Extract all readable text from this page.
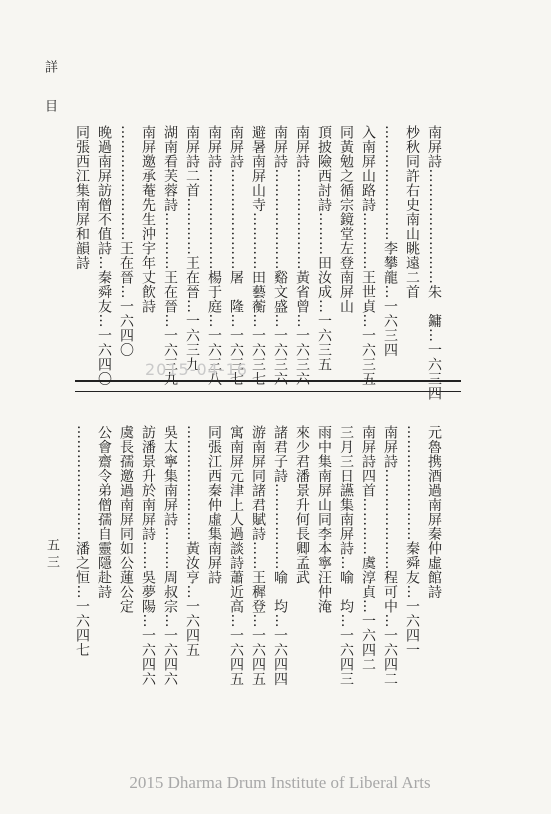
詳目
五三
同張西江集南屏和韻詩 晚過南屏訪僧不值詩…秦舜友…一六四〇 ……………………王在晉…一六四〇 南屏邀承菴先生沖宇年丈飮詩 湖南看芙蓉詩…………王在晉…一六三九 南屏詩二首…………王在晉…一六三九 南屏詩…………………楊于庭…一六三八 南屏詩…………………屠　隆…一六三七 避暑南屏山寺…………田藝蘅…一六三七 南屏詩…………………谿文盛…一六三六 南屏詩…………………黃省曾…一六三六 頂披險西討詩………田汝成…一六三五 同黃勉之循宗鏡堂左登南屏山 入南屏山路詩…………王世貞…一六三五 ……………………李攀龍…一六三四 杪秋同許右史南山眺遠二首 南屏詩……………………朱　鏞…一六三四
2015-04-16
……………………潘之恒…一六四七 公會齋令弟僧孺自靈隱赴詩 虞長孺邀過南屏同如公蓮公定 訪潘景升於南屏詩……吳夢陽…一六四六 吳太寧集南屏詩………周叔宗…一六四六 ……………………黃汝亨…一六四五 同張江西秦仲虛集南屏詩 寓南屏元津上人過談詩蕭近高…一六四五 游南屏同諸君賦詩……王穉登…一六四五 諸君子詩………………喻　均…一六四四 來少君潘景升何長卿孟武 雨中集南屏山同李本寧汪仲淹 三月三日讌集南屏詩…喻　均…一六四三 南屏詩四首…………虞淳貞…一六四二 南屏詩…………………程可中…一六四二 ……………………秦舜友…一六四一 元魯携酒過南屏秦仲虛館詩
2015 Dharma Drum Institute of Liberal Arts
